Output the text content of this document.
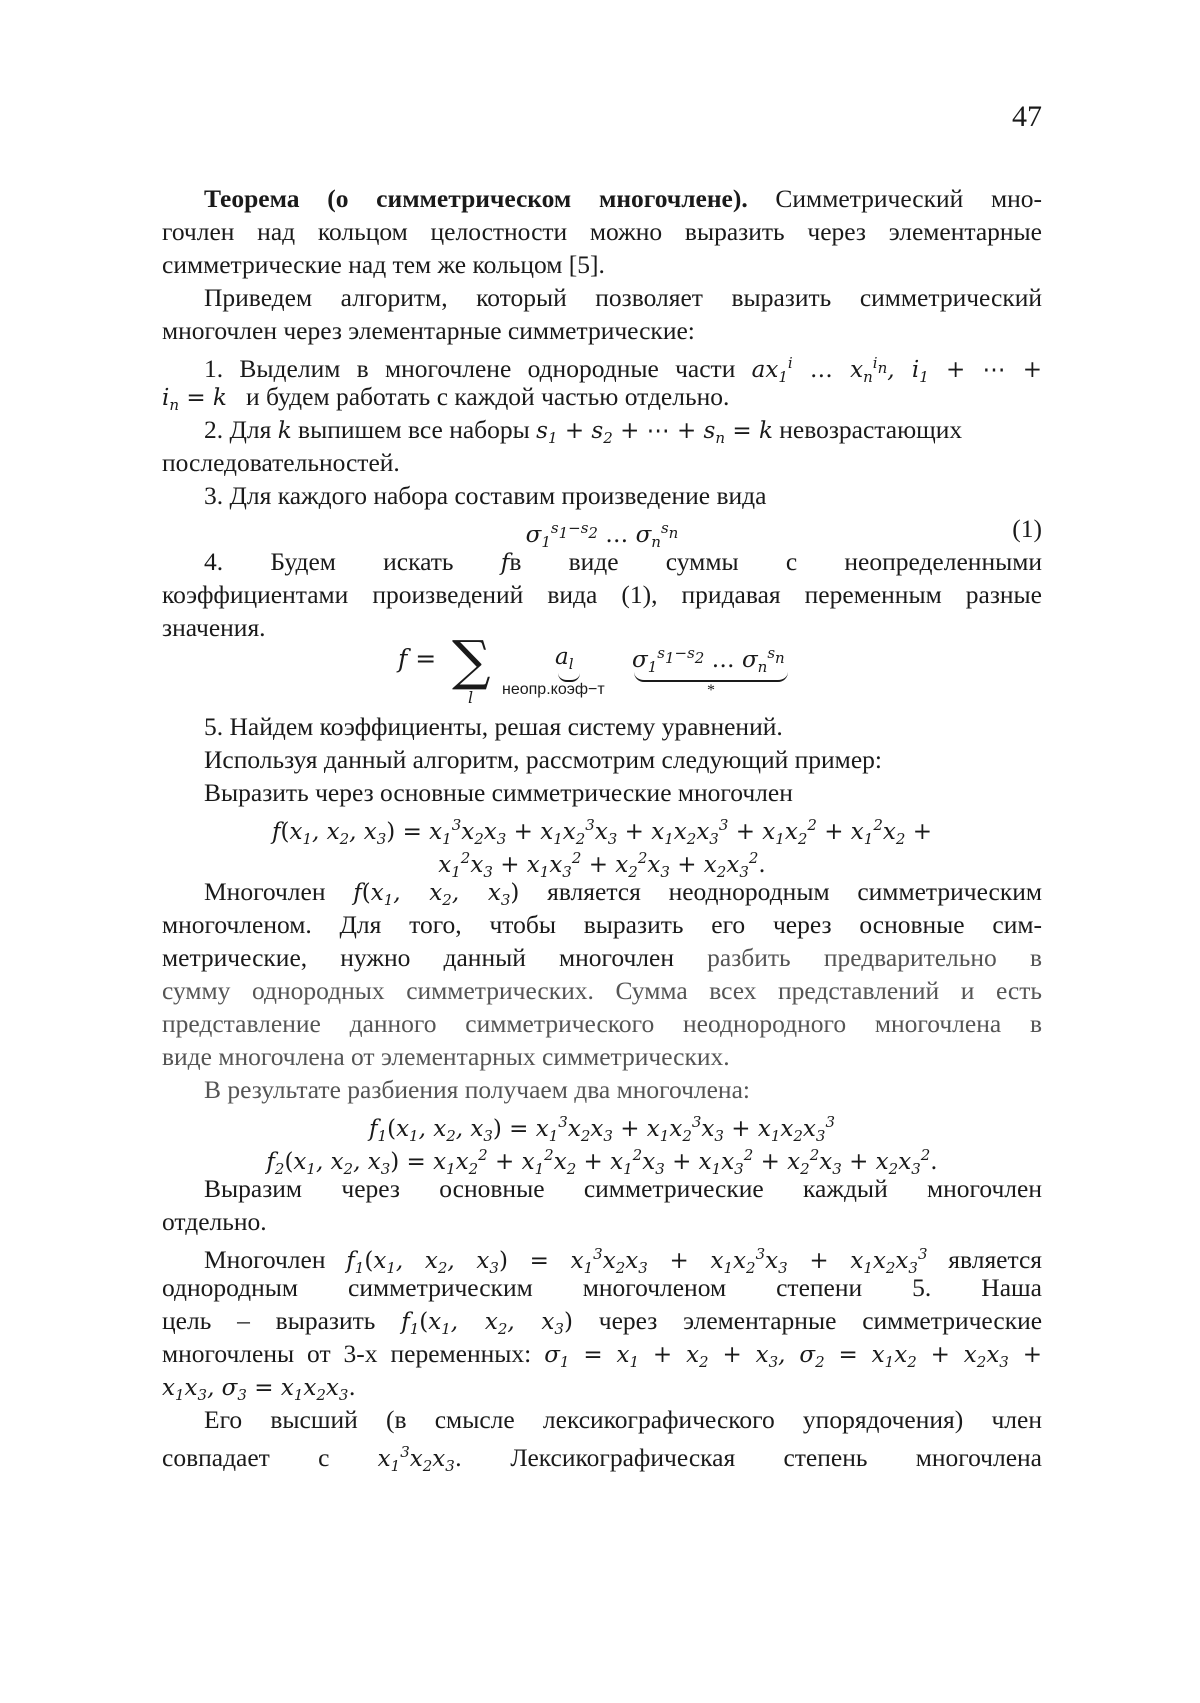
47
Теорема (о симметрическом многочлене). Симметрический мно-
гочлен над кольцом целостности можно выразить через элементарные
симметрические над тем же кольцом [5].
Приведем алгоритм, который позволяет выразить симметрический
многочлен через элементарные симметрические:
1. Выделим в многочлене однородные части ax1i … xnin, i1 + ⋯ +
in = k и будем работать с каждой частью отдельно.
2. Для k выпишем все наборы s1 + s2 + ⋯ + sn = k невозрастающих
последовательностей.
3. Для каждого набора составим произведение вида
σ1s1−s2 … σnsn	(1)
4. Будем искать fв виде суммы с неопределенными
коэффициентами произведений вида (1), придавая переменным разные
значения.
f = ∑
l
al
неопр.коэф−т
σ1s1−s2 … σnsn
*
5. Найдем коэффициенты, решая систему уравнений.
Используя данный алгоритм, рассмотрим следующий пример:
Выразить через основные симметрические многочлен
f(x1, x2, x3) = x13x2x3 + x1x23x3 + x1x2x33 + x1x22 + x12x2 +
x12x3 + x1x32 + x22x3 + x2x32.
Многочлен f(x1, x2, x3) является неоднородным симметрическим
многочленом. Для того, чтобы выразить его через основные сим-
метрические, нужно данный многочлен разбить предварительно в
сумму однородных симметрических. Сумма всех представлений и есть
представление данного симметрического неоднородного многочлена в
виде многочлена от элементарных симметрических.
В результате разбиения получаем два многочлена:
f1(x1, x2, x3) = x13x2x3 + x1x23x3 + x1x2x33
f2(x1, x2, x3) = x1x22 + x12x2 + x12x3 + x1x32 + x22x3 + x2x32.
Выразим через основные симметрические каждый многочлен
отдельно.
Многочлен f1(x1, x2, x3) = x13x2x3 + x1x23x3 + x1x2x33 является
однородным симметрическим многочленом степени 5. Наша
цель – выразить f1(x1, x2, x3) через элементарные симметрические
многочлены от 3-х переменных: σ1 = x1 + x2 + x3, σ2 = x1x2 + x2x3 +
x1x3, σ3 = x1x2x3.
Его высший (в смысле лексикографического упорядочения) член
совпадает с x13x2x3. Лексикографическая степень многочлена
